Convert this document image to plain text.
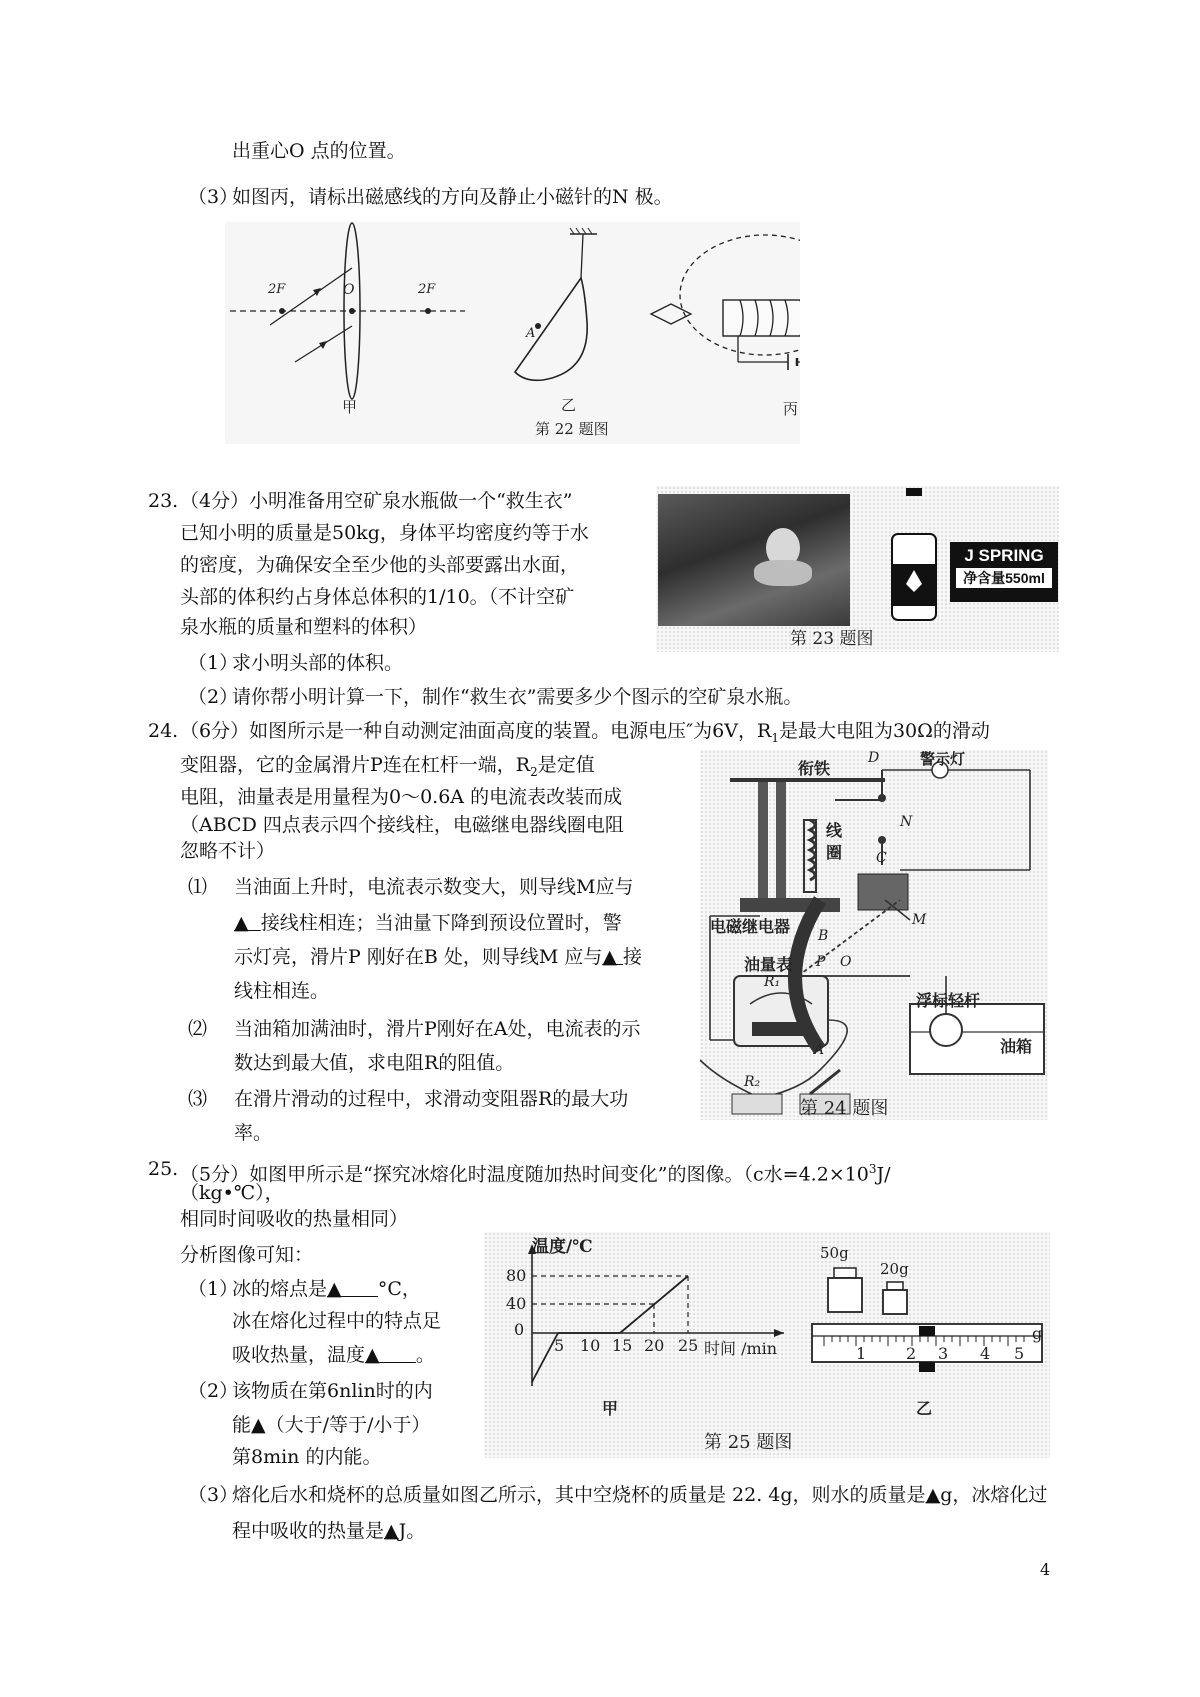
出重心O 点的位置。
（3）
如图丙，请标出磁感线的方向及静止小磁针的N 极。
2F	O	2F
A
甲	乙	丙
第 22 题图
23. （4分）小明准备用空矿泉水瓶做一个“救生衣”
已知小明的质量是50kg，身体平均密度约等于水
的密度，为确保安全至少他的头部要露出水面，
头部的体积约占身体总体积的1/10。（不计空矿
泉水瓶的质量和塑料的体积）
（1）
求小明头部的体积。
（2）
请你帮小明计算一下，制作“救生衣”需要多少个图示的空矿泉水瓶。
J SPRING
净含量550ml
第 23 题图
24. （6分）如图所示是一种自动测定油面高度的装置。电源电压″为6V，$R_1$是最大电阻为30Ω的滑动
变阻器，它的金属滑片P连在杠杆一端，$R_2$是定值
电阻，油量表是用量程为0～0.6A 的电流表改装而成
（ABCD 四点表示四个接线柱，电磁继电器线圈电阻
忽略不计）
⑴ 当油面上升时，电流表示数变大，则导线M应与
▲ 接线柱相连；当油量下降到预设位置时，警
示灯亮，滑片P 刚好在B 处，则导线M 应与▲ 接
线柱相连。
⑵ 当油箱加满油时，滑片P刚好在A处，电流表的示
数达到最大值，求电阻R的阻值。
⑶ 在滑片滑动的过程中，求滑动变阻器R的最大功
率。
衔铁	警示灯
D
C
N
M
线
圈
电磁继电器
油量表
B
P O
R₁
A
浮标轻杆
油箱
R₂
第 24 题图
25. （5分）如图甲所示是“探究冰熔化时温度随加热时间变化”的图像。（c水$=4.2\times 10^3J/$
（kg•℃），
相同时间吸收的热量相同）
分析图像可知：
（1）
冰的熔点是▲ °C，
冰在熔化过程中的特点足
吸收热量，温度▲ 。
（2）
该物质在第6nlin时的内
能▲（大于/等于/小于）
第8min 的内能。
（3）
熔化后水和烧杯的总质量如图乙所示，其中空烧杯的质量是 22. 4g，则水的质量是▲g，冰熔化过
程中吸收的热量是▲J。
温度/℃
80
40
0
5 10 15 20 25 时间 /min
甲
50g
20g
1 2 3 4 5
g
乙
第 25 题图
4
